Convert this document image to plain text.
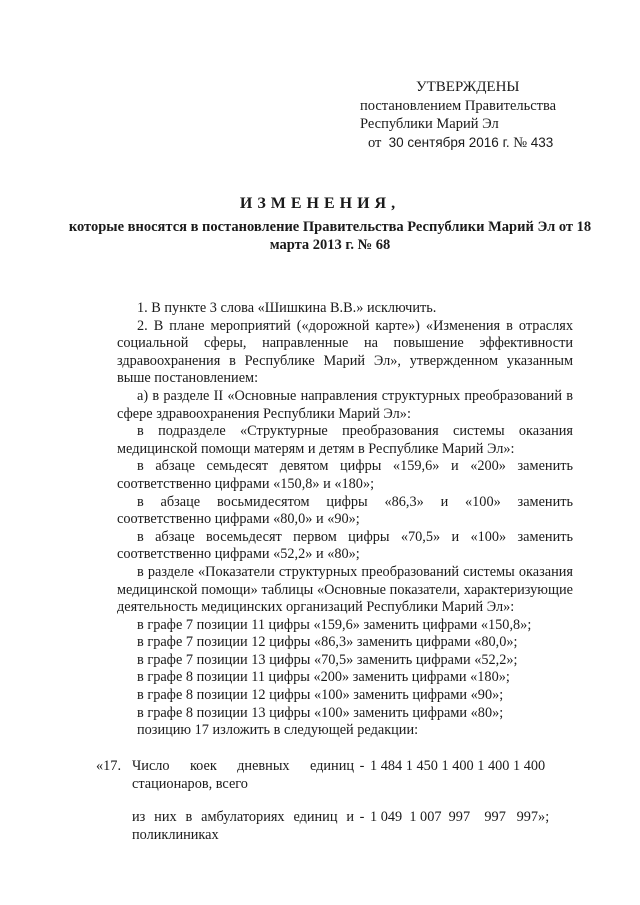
УТВЕРЖДЕНЫ
постановлением Правительства
Республики Марий Эл
от 30 сентября 2016 г. № 433
ИЗМЕНЕНИЯ,
которые вносятся в постановление Правительства Республики Марий Эл от 18 марта 2013 г. № 68

1. В пункте 3 слова «Шишкина В.В.» исключить.

2. В плане мероприятий («дорожной карте») «Изменения в отраслях социальной сферы, направленные на повышение эффективности здравоохранения в Республике Марий Эл», утвержденном указанным выше постановлением:

а) в разделе II «Основные направления структурных преобразований в сфере здравоохранения Республики Марий Эл»:

в подразделе «Структурные преобразования системы оказания медицинской помощи матерям и детям в Республике Марий Эл»:

в абзаце семьдесят девятом цифры «159,6» и «200» заменить соответственно цифрами «150,8» и «180»;

в абзаце восьмидесятом цифры «86,3» и «100» заменить соответственно цифрами «80,0» и «90»;

в абзаце восемьдесят первом цифры «70,5» и «100» заменить соответственно цифрами «52,2» и «80»;

в разделе «Показатели структурных преобразований системы оказания медицинской помощи» таблицы «Основные показатели, характеризующие деятельность медицинских организаций Республики Марий Эл»:

в графе 7 позиции 11 цифры «159,6» заменить цифрами «150,8»;

в графе 7 позиции 12 цифры «86,3» заменить цифрами «80,0»;

в графе 7 позиции 13 цифры «70,5» заменить цифрами «52,2»;

в графе 8 позиции 11 цифры «200» заменить цифрами «180»;

в графе 8 позиции 12 цифры «100» заменить цифрами «90»;

в графе 8 позиции 13 цифры «100» заменить цифрами «80»;

позицию 17 изложить в следующей редакции:

«17. Число коек дневных единиц стационаров, всего
- 1 484 1 450 1 400 1 400 1 400
из них в амбулаториях единиц и поликлиниках
- 1 049 1 007 997 997 997»;
